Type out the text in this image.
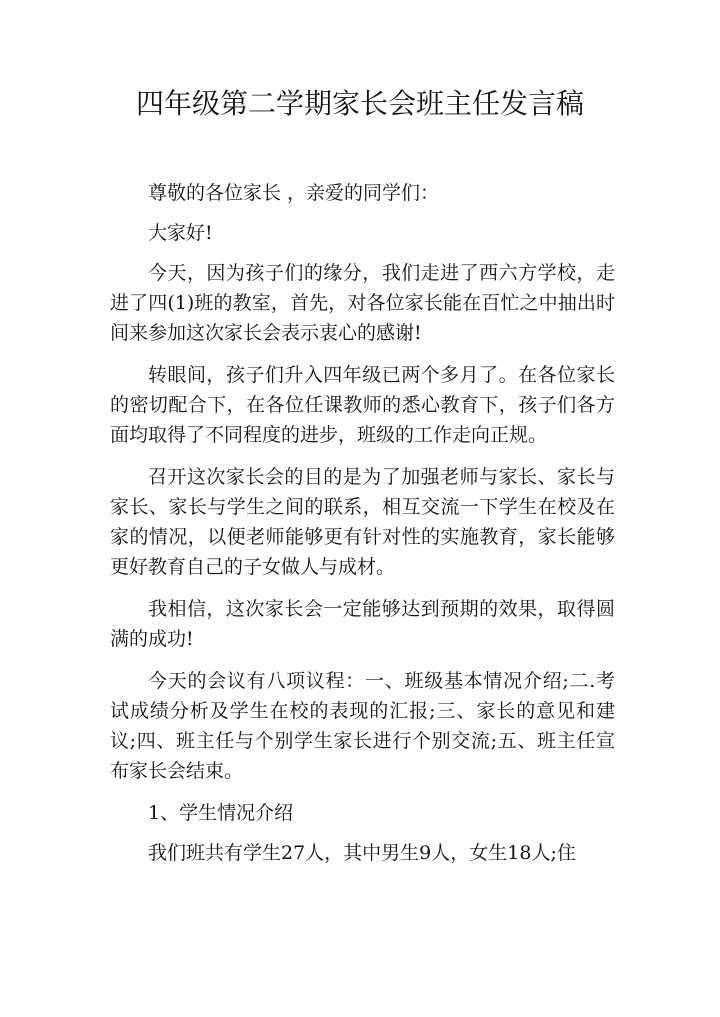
四年级第二学期家长会班主任发言稿

尊敬的各位家长 ，亲爱的同学们：

大家好!

今天，因为孩子们的缘分，我们走进了西六方学校，走进了四(1)班的教室，首先，对各位家长能在百忙之中抽出时间来参加这次家长会表示衷心的感谢!

转眼间，孩子们升入四年级已两个多月了。在各位家长的密切配合下，在各位任课教师的悉心教育下，孩子们各方面均取得了不同程度的进步，班级的工作走向正规。

召开这次家长会的目的是为了加强老师与家长、家长与家长、家长与学生之间的联系，相互交流一下学生在校及在家的情况，以便老师能够更有针对性的实施教育，家长能够更好教育自己的子女做人与成材。

我相信，这次家长会一定能够达到预期的效果，取得圆满的成功!

今天的会议有八项议程：一、班级基本情况介绍;二.考试成绩分析及学生在校的表现的汇报;三、家长的意见和建议;四、班主任与个别学生家长进行个别交流;五、班主任宣布家长会结束。

1、学生情况介绍

我们班共有学生27人，其中男生9人，女生18人;住
